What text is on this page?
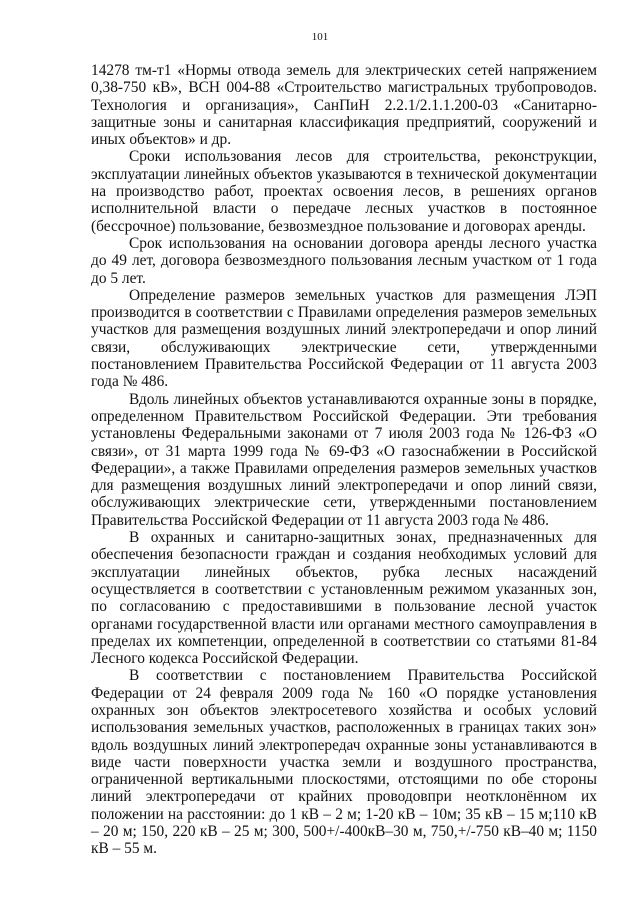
101

14278 тм-т1 «Нормы отвода земель для электрических сетей напряжением 0,38-750 кВ», ВСН 004-88 «Строительство магистральных трубопроводов. Технология и организация», СанПиН 2.2.1/2.1.1.200-03 «Санитарно-защитные зоны и санитарная классификация предприятий, сооружений и иных объектов» и др.

Сроки использования лесов для строительства, реконструкции, эксплуатации линейных объектов указываются в технической документации на производство работ, проектах освоения лесов, в решениях органов исполнительной власти о передаче лесных участков в постоянное (бессрочное) пользование, безвозмездное пользование и договорах аренды.

Срок использования на основании договора аренды лесного участка до 49 лет, договора безвозмездного пользования лесным участком от 1 года до 5 лет.

Определение размеров земельных участков для размещения ЛЭП производится в соответствии с Правилами определения размеров земельных участков для размещения воздушных линий электропередачи и опор линий связи, обслуживающих электрические сети, утвержденными постановлением Правительства Российской Федерации от 11 августа 2003 года № 486.

Вдоль линейных объектов устанавливаются охранные зоны в порядке, определенном Правительством Российской Федерации. Эти требования установлены Федеральными законами от 7 июля 2003 года № 126-ФЗ «О связи», от 31 марта 1999 года № 69-ФЗ «О газоснабжении в Российской Федерации», а также Правилами определения размеров земельных участков для размещения воздушных линий электропередачи и опор линий связи, обслуживающих электрические сети, утвержденными постановлением Правительства Российской Федерации от 11 августа 2003 года № 486.

В охранных и санитарно-защитных зонах, предназначенных для обеспечения безопасности граждан и создания необходимых условий для эксплуатации линейных объектов, рубка лесных насаждений осуществляется в соответствии с установленным режимом указанных зон, по согласованию с предоставившими в пользование лесной участок органами государственной власти или органами местного самоуправления в пределах их компетенции, определенной в соответствии со статьями 81-84 Лесного кодекса Российской Федерации.

В соответствии с постановлением Правительства Российской Федерации от 24 февраля 2009 года № 160 «О порядке установления охранных зон объектов электросетевого хозяйства и особых условий использования земельных участков, расположенных в границах таких зон» вдоль воздушных линий электропередач охранные зоны устанавливаются в виде части поверхности участка земли и воздушного пространства, ограниченной вертикальными плоскостями, отстоящими по обе стороны линий электропередачи от крайних проводовпри неотклонённом их положении на расстоянии: до 1 кВ – 2 м; 1-20 кВ – 10м; 35 кВ – 15 м;110 кВ – 20 м; 150, 220 кВ – 25 м; 300, 500+/-400кВ–30 м, 750,+/-750 кВ–40 м; 1150 кВ – 55 м.
